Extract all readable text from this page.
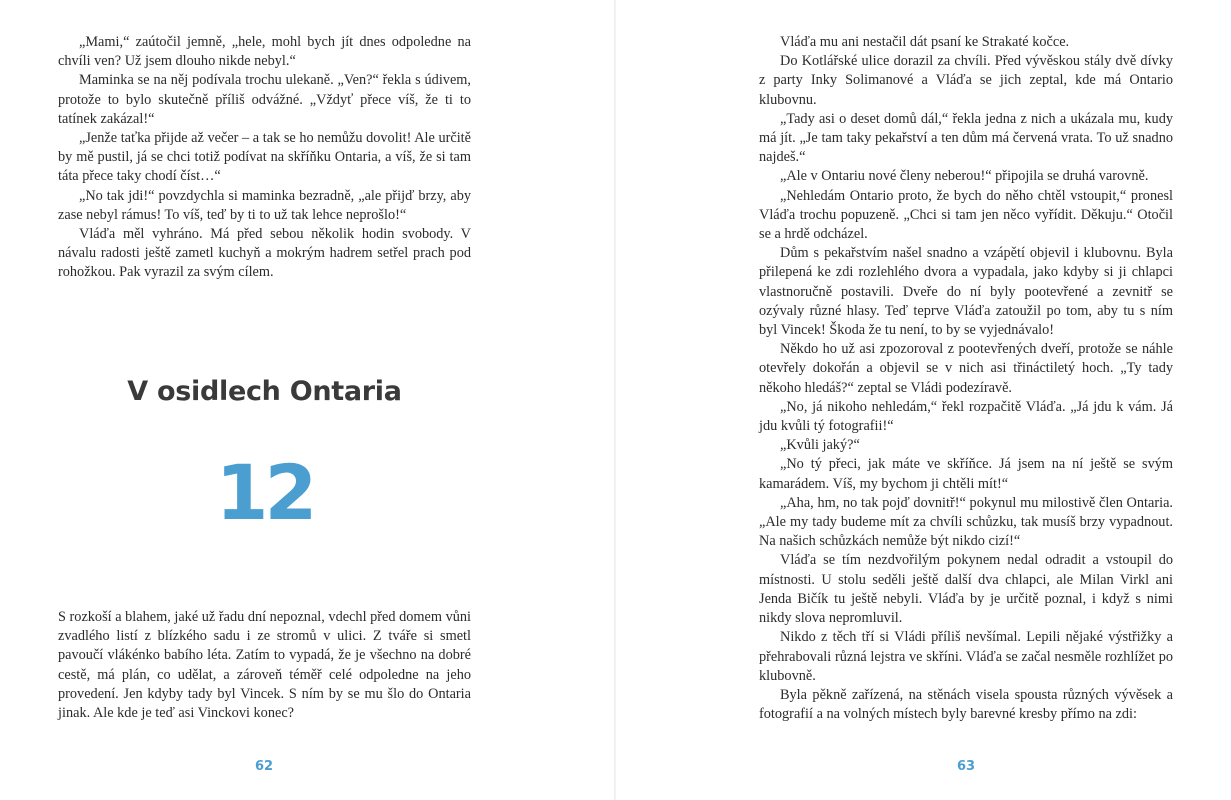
„Mami,“ zaútočil jemně, „hele, mohl bych jít dnes odpoledne na chvíli ven? Už jsem dlouho nikde nebyl.“

Maminka se na něj podívala trochu ulekaně. „Ven?“ řekla s údivem, protože to bylo skutečně příliš odvážné. „Vždyť přece víš, že ti to tatínek zakázal!“

„Jenže taťka přijde až večer – a tak se ho nemůžu dovolit! Ale určitě by mě pustil, já se chci totiž podívat na skříňku Ontaria, a víš, že si tam táta přece taky chodí číst…“

„No tak jdi!“ povzdychla si maminka bezradně, „ale přijď brzy, aby zase nebyl rámus! To víš, teď by ti to už tak lehce neprošlo!“

Vláďa měl vyhráno. Má před sebou několik hodin svobody. V návalu radosti ještě zametl kuchyň a mokrým hadrem setřel prach pod rohožkou. Pak vyrazil za svým cílem.

V osidlech Ontaria
12

S rozkoší a blahem, jaké už řadu dní nepoznal, vdechl před domem vůni zvadlého listí z blízkého sadu i ze stromů v ulici. Z tváře si smetl pavoučí vlákénko babího léta. Zatím to vypadá, že je všechno na dobré cestě, má plán, co udělat, a zároveň téměř celé odpoledne na jeho provedení. Jen kdyby tady byl Vincek. S ním by se mu šlo do Ontaria jinak. Ale kde je teď asi Vinckovi konec?

62

Vláďa mu ani nestačil dát psaní ke Strakaté kočce.

Do Kotlářské ulice dorazil za chvíli. Před vývěskou stály dvě dívky z party Inky Solimanové a Vláďa se jich zeptal, kde má Ontario klubovnu.

„Tady asi o deset domů dál,“ řekla jedna z nich a ukázala mu, kudy má jít. „Je tam taky pekařství a ten dům má červená vrata. To už snadno najdeš.“

„Ale v Ontariu nové členy neberou!“ připojila se druhá varovně.

„Nehledám Ontario proto, že bych do něho chtěl vstoupit,“ pronesl Vláďa trochu popuzeně. „Chci si tam jen něco vyřídit. Děkuju.“ Otočil se a hrdě odcházel.

Dům s pekařstvím našel snadno a vzápětí objevil i klubovnu. Byla přilepená ke zdi rozlehlého dvora a vypadala, jako kdyby si ji chlapci vlastnoručně postavili. Dveře do ní byly pootevřené a zevnitř se ozývaly různé hlasy. Teď teprve Vláďa zatoužil po tom, aby tu s ním byl Vincek! Škoda že tu není, to by se vyjednávalo!

Někdo ho už asi zpozoroval z pootevřených dveří, protože se náhle otevřely dokořán a objevil se v nich asi třináctiletý hoch. „Ty tady někoho hledáš?“ zeptal se Vládi podezíravě.

„No, já nikoho nehledám,“ řekl rozpačitě Vláďa. „Já jdu k vám. Já jdu kvůli tý fotografii!“

„Kvůli jaký?“

„No tý přeci, jak máte ve skříňce. Já jsem na ní ještě se svým kamarádem. Víš, my bychom ji chtěli mít!“

„Aha, hm, no tak pojď dovnitř!“ pokynul mu milostivě člen Ontaria. „Ale my tady budeme mít za chvíli schůzku, tak musíš brzy vypadnout. Na našich schůzkách nemůže být nikdo cizí!“

Vláďa se tím nezdvořilým pokynem nedal odradit a vstoupil do místnosti. U stolu seděli ještě další dva chlapci, ale Milan Virkl ani Jenda Bičík tu ještě nebyli. Vláďa by je určitě poznal, i když s nimi nikdy slova nepromluvil.

Nikdo z těch tří si Vládi příliš nevšímal. Lepili nějaké výstřižky a přehrabovali různá lejstra ve skříni. Vláďa se začal nesměle rozhlížet po klubovně.

Byla pěkně zařízená, na stěnách visela spousta různých vývěsek a fotografií a na volných místech byly barevné kresby přímo na zdi:

63
